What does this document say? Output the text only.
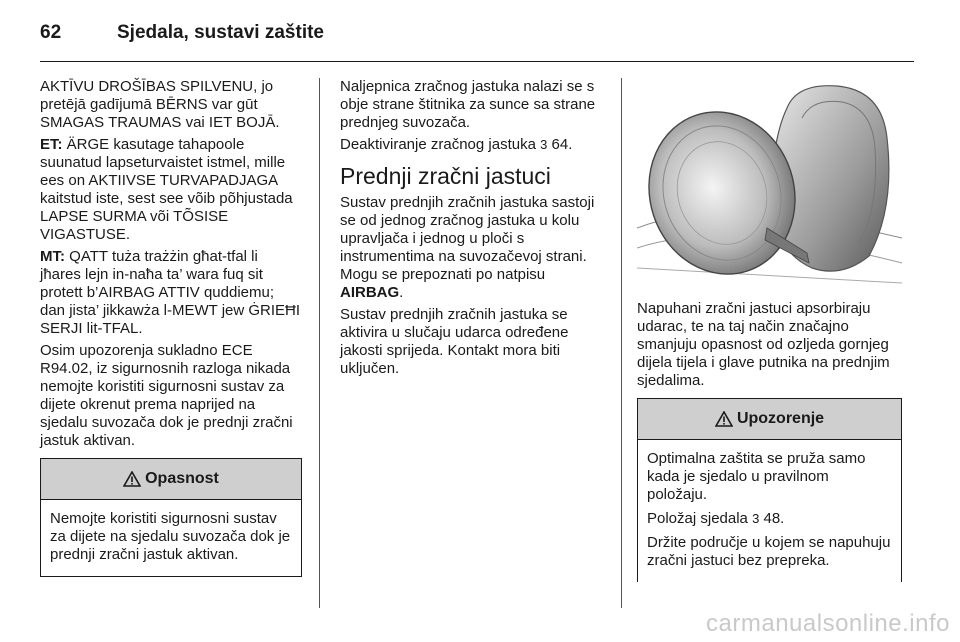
62	Sjedala, sustavi zaštite

AKTĪVU DROŠĪBAS SPILVENU, jo pretējā gadījumā BĒRNS var gūt SMAGAS TRAUMAS vai IET BOJĀ.

ET: ÄRGE kasutage tahapoole suunatud lapseturvaistet istmel, mille ees on AKTIIVSE TURVAPADJAGA kaitstud iste, sest see võib põhjustada LAPSE SURMA või TÕSISE VIGASTUSE.

MT: QATT tuża trażżin għat-tfal li jħares lejn in-naħa ta’ wara fuq sit protett b’AIRBAG ATTIV quddiemu; dan jista’ jikkawża l-MEWT jew ĠRIEĦI SERJI lit-TFAL.

Osim upozorenja sukladno ECE R94.02, iz sigurnosnih razloga nikada nemojte koristiti sigurnosni sustav za dijete okrenut prema naprijed na sjedalu suvozača dok je prednji zračni jastuk aktivan.

Opasnost

Nemojte koristiti sigurnosni sustav za dijete na sjedalu suvozača dok je prednji zračni jastuk aktivan.

Naljepnica zračnog jastuka nalazi se s obje strane štitnika za sunce sa strane prednjeg suvozača.

Deaktiviranje zračnog jastuka 3 64.

Prednji zračni jastuci

Sustav prednjih zračnih jastuka sastoji se od jednog zračnog jastuka u kolu upravljača i jednog u ploči s instrumentima na suvozačevoj strani. Mogu se prepoznati po natpisu
AIRBAG.

Sustav prednjih zračnih jastuka se aktivira u slučaju udarca određene jakosti sprijeda. Kontakt mora biti uključen.

Napuhani zračni jastuci apsorbiraju udarac, te na taj način značajno smanjuju opasnost od ozljeda gornjeg dijela tijela i glave putnika na prednjim sjedalima.

Upozorenje

Optimalna zaštita se pruža samo kada je sjedalo u pravilnom položaju.

Položaj sjedala 3 48.

Držite područje u kojem se napuhuju zračni jastuci bez prepreka.

carmanualsonline.info
